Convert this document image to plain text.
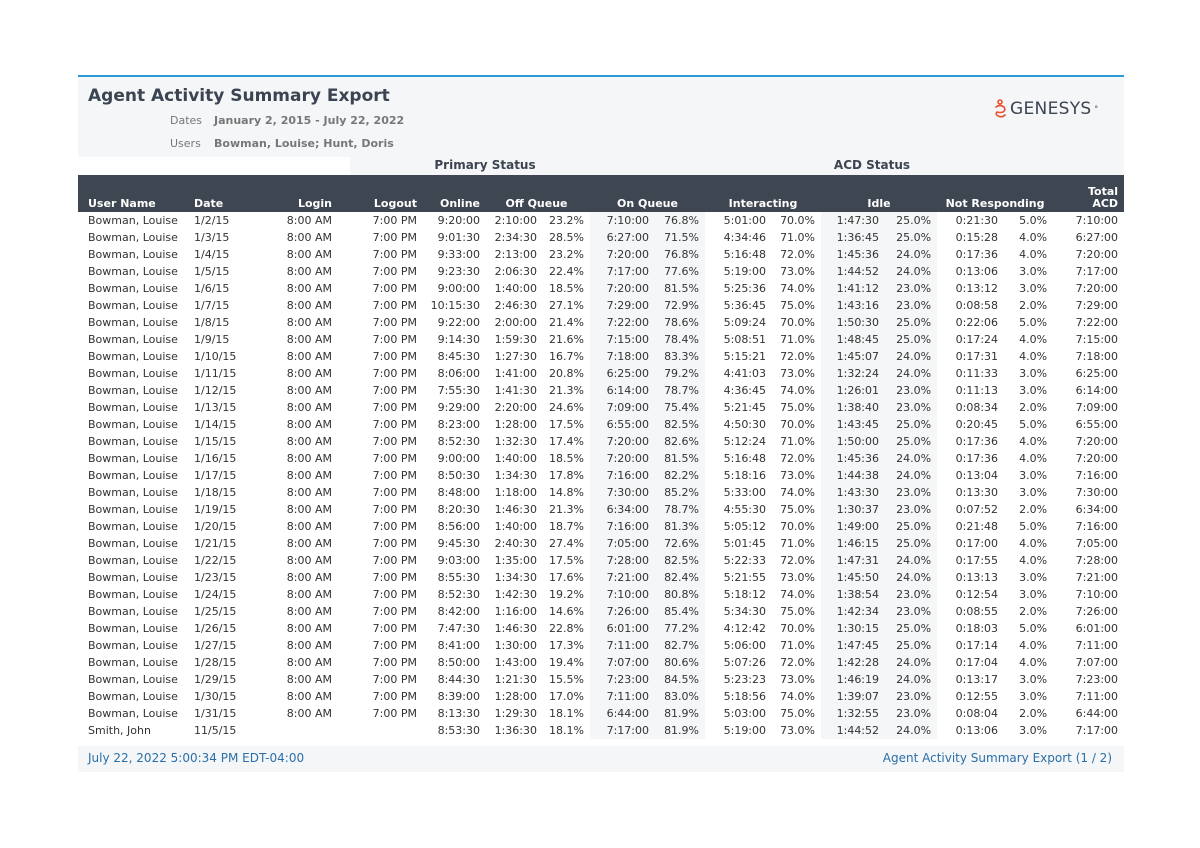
Agent Activity Summary Export
Dates January 2, 2015 - July 22, 2022
Users Bowman, Louise; Hunt, Doris
GENESYS °
Primary Status	ACD Status
User Name	Date	Login	Logout	Online	Off Queue		On Queue		Interacting		Idle		Not Responding		Total
ACD
Bowman, Louise	1/2/15	8:00 AM	7:00 PM	9:20:00	2:10:00	23.2%	7:10:00	76.8%	5:01:00	70.0%	1:47:30	25.0%	0:21:30	5.0%	7:10:00
Bowman, Louise	1/3/15	8:00 AM	7:00 PM	9:01:30	2:34:30	28.5%	6:27:00	71.5%	4:34:46	71.0%	1:36:45	25.0%	0:15:28	4.0%	6:27:00
Bowman, Louise	1/4/15	8:00 AM	7:00 PM	9:33:00	2:13:00	23.2%	7:20:00	76.8%	5:16:48	72.0%	1:45:36	24.0%	0:17:36	4.0%	7:20:00
Bowman, Louise	1/5/15	8:00 AM	7:00 PM	9:23:30	2:06:30	22.4%	7:17:00	77.6%	5:19:00	73.0%	1:44:52	24.0%	0:13:06	3.0%	7:17:00
Bowman, Louise	1/6/15	8:00 AM	7:00 PM	9:00:00	1:40:00	18.5%	7:20:00	81.5%	5:25:36	74.0%	1:41:12	23.0%	0:13:12	3.0%	7:20:00
Bowman, Louise	1/7/15	8:00 AM	7:00 PM	10:15:30	2:46:30	27.1%	7:29:00	72.9%	5:36:45	75.0%	1:43:16	23.0%	0:08:58	2.0%	7:29:00
Bowman, Louise	1/8/15	8:00 AM	7:00 PM	9:22:00	2:00:00	21.4%	7:22:00	78.6%	5:09:24	70.0%	1:50:30	25.0%	0:22:06	5.0%	7:22:00
Bowman, Louise	1/9/15	8:00 AM	7:00 PM	9:14:30	1:59:30	21.6%	7:15:00	78.4%	5:08:51	71.0%	1:48:45	25.0%	0:17:24	4.0%	7:15:00
Bowman, Louise	1/10/15	8:00 AM	7:00 PM	8:45:30	1:27:30	16.7%	7:18:00	83.3%	5:15:21	72.0%	1:45:07	24.0%	0:17:31	4.0%	7:18:00
Bowman, Louise	1/11/15	8:00 AM	7:00 PM	8:06:00	1:41:00	20.8%	6:25:00	79.2%	4:41:03	73.0%	1:32:24	24.0%	0:11:33	3.0%	6:25:00
Bowman, Louise	1/12/15	8:00 AM	7:00 PM	7:55:30	1:41:30	21.3%	6:14:00	78.7%	4:36:45	74.0%	1:26:01	23.0%	0:11:13	3.0%	6:14:00
Bowman, Louise	1/13/15	8:00 AM	7:00 PM	9:29:00	2:20:00	24.6%	7:09:00	75.4%	5:21:45	75.0%	1:38:40	23.0%	0:08:34	2.0%	7:09:00
Bowman, Louise	1/14/15	8:00 AM	7:00 PM	8:23:00	1:28:00	17.5%	6:55:00	82.5%	4:50:30	70.0%	1:43:45	25.0%	0:20:45	5.0%	6:55:00
Bowman, Louise	1/15/15	8:00 AM	7:00 PM	8:52:30	1:32:30	17.4%	7:20:00	82.6%	5:12:24	71.0%	1:50:00	25.0%	0:17:36	4.0%	7:20:00
Bowman, Louise	1/16/15	8:00 AM	7:00 PM	9:00:00	1:40:00	18.5%	7:20:00	81.5%	5:16:48	72.0%	1:45:36	24.0%	0:17:36	4.0%	7:20:00
Bowman, Louise	1/17/15	8:00 AM	7:00 PM	8:50:30	1:34:30	17.8%	7:16:00	82.2%	5:18:16	73.0%	1:44:38	24.0%	0:13:04	3.0%	7:16:00
Bowman, Louise	1/18/15	8:00 AM	7:00 PM	8:48:00	1:18:00	14.8%	7:30:00	85.2%	5:33:00	74.0%	1:43:30	23.0%	0:13:30	3.0%	7:30:00
Bowman, Louise	1/19/15	8:00 AM	7:00 PM	8:20:30	1:46:30	21.3%	6:34:00	78.7%	4:55:30	75.0%	1:30:37	23.0%	0:07:52	2.0%	6:34:00
Bowman, Louise	1/20/15	8:00 AM	7:00 PM	8:56:00	1:40:00	18.7%	7:16:00	81.3%	5:05:12	70.0%	1:49:00	25.0%	0:21:48	5.0%	7:16:00
Bowman, Louise	1/21/15	8:00 AM	7:00 PM	9:45:30	2:40:30	27.4%	7:05:00	72.6%	5:01:45	71.0%	1:46:15	25.0%	0:17:00	4.0%	7:05:00
Bowman, Louise	1/22/15	8:00 AM	7:00 PM	9:03:00	1:35:00	17.5%	7:28:00	82.5%	5:22:33	72.0%	1:47:31	24.0%	0:17:55	4.0%	7:28:00
Bowman, Louise	1/23/15	8:00 AM	7:00 PM	8:55:30	1:34:30	17.6%	7:21:00	82.4%	5:21:55	73.0%	1:45:50	24.0%	0:13:13	3.0%	7:21:00
Bowman, Louise	1/24/15	8:00 AM	7:00 PM	8:52:30	1:42:30	19.2%	7:10:00	80.8%	5:18:12	74.0%	1:38:54	23.0%	0:12:54	3.0%	7:10:00
Bowman, Louise	1/25/15	8:00 AM	7:00 PM	8:42:00	1:16:00	14.6%	7:26:00	85.4%	5:34:30	75.0%	1:42:34	23.0%	0:08:55	2.0%	7:26:00
Bowman, Louise	1/26/15	8:00 AM	7:00 PM	7:47:30	1:46:30	22.8%	6:01:00	77.2%	4:12:42	70.0%	1:30:15	25.0%	0:18:03	5.0%	6:01:00
Bowman, Louise	1/27/15	8:00 AM	7:00 PM	8:41:00	1:30:00	17.3%	7:11:00	82.7%	5:06:00	71.0%	1:47:45	25.0%	0:17:14	4.0%	7:11:00
Bowman, Louise	1/28/15	8:00 AM	7:00 PM	8:50:00	1:43:00	19.4%	7:07:00	80.6%	5:07:26	72.0%	1:42:28	24.0%	0:17:04	4.0%	7:07:00
Bowman, Louise	1/29/15	8:00 AM	7:00 PM	8:44:30	1:21:30	15.5%	7:23:00	84.5%	5:23:23	73.0%	1:46:19	24.0%	0:13:17	3.0%	7:23:00
Bowman, Louise	1/30/15	8:00 AM	7:00 PM	8:39:00	1:28:00	17.0%	7:11:00	83.0%	5:18:56	74.0%	1:39:07	23.0%	0:12:55	3.0%	7:11:00
Bowman, Louise	1/31/15	8:00 AM	7:00 PM	8:13:30	1:29:30	18.1%	6:44:00	81.9%	5:03:00	75.0%	1:32:55	23.0%	0:08:04	2.0%	6:44:00
Smith, John	11/5/15			8:53:30	1:36:30	18.1%	7:17:00	81.9%	5:19:00	73.0%	1:44:52	24.0%	0:13:06	3.0%	7:17:00
July 22, 2022 5:00:34 PM EDT-04:00	Agent Activity Summary Export (1 / 2)
